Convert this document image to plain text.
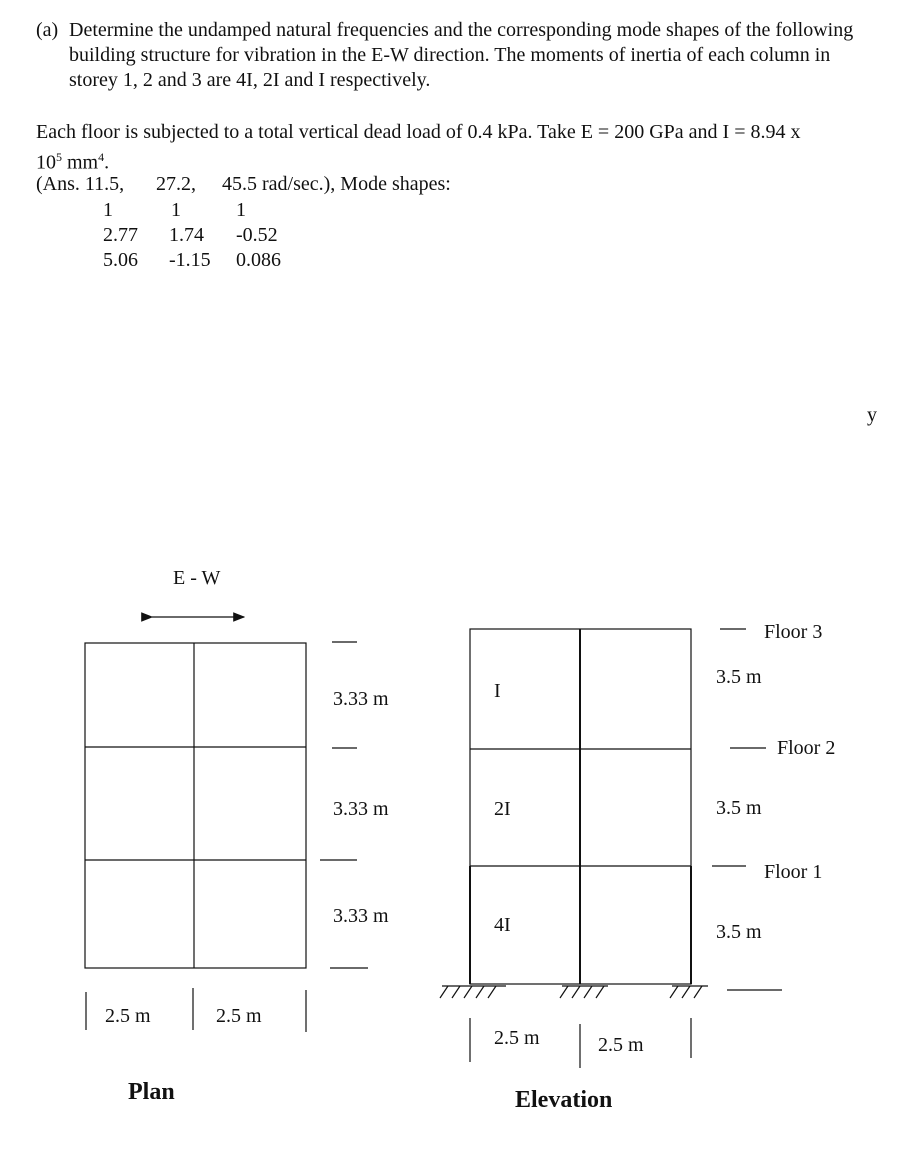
(a) Determine the undamped natural frequencies and the corresponding mode shapes of the following building structure for vibration in the E-W direction. The moments of inertia of each column in storey 1, 2 and 3 are 4I, 2I and I respectively.
Each floor is subjected to a total vertical dead load of 0.4 kPa. Take E = 200 GPa and I = 8.94 x
$10^5$ $mm^4$.
(Ans. 11.5, 27.2, 45.5 rad/sec.), Mode shapes:
1	1	1
2.77 1.74 -0.52
5.06 -1.15 0.086
y
E - W
3.33 m
3.33 m
3.33 m
2.5 m	2.5 m
Plan
I
2I
4I
Floor 3
Floor 2
Floor 1
3.5 m
3.5 m
3.5 m
2.5 m	2.5 m
Elevation
